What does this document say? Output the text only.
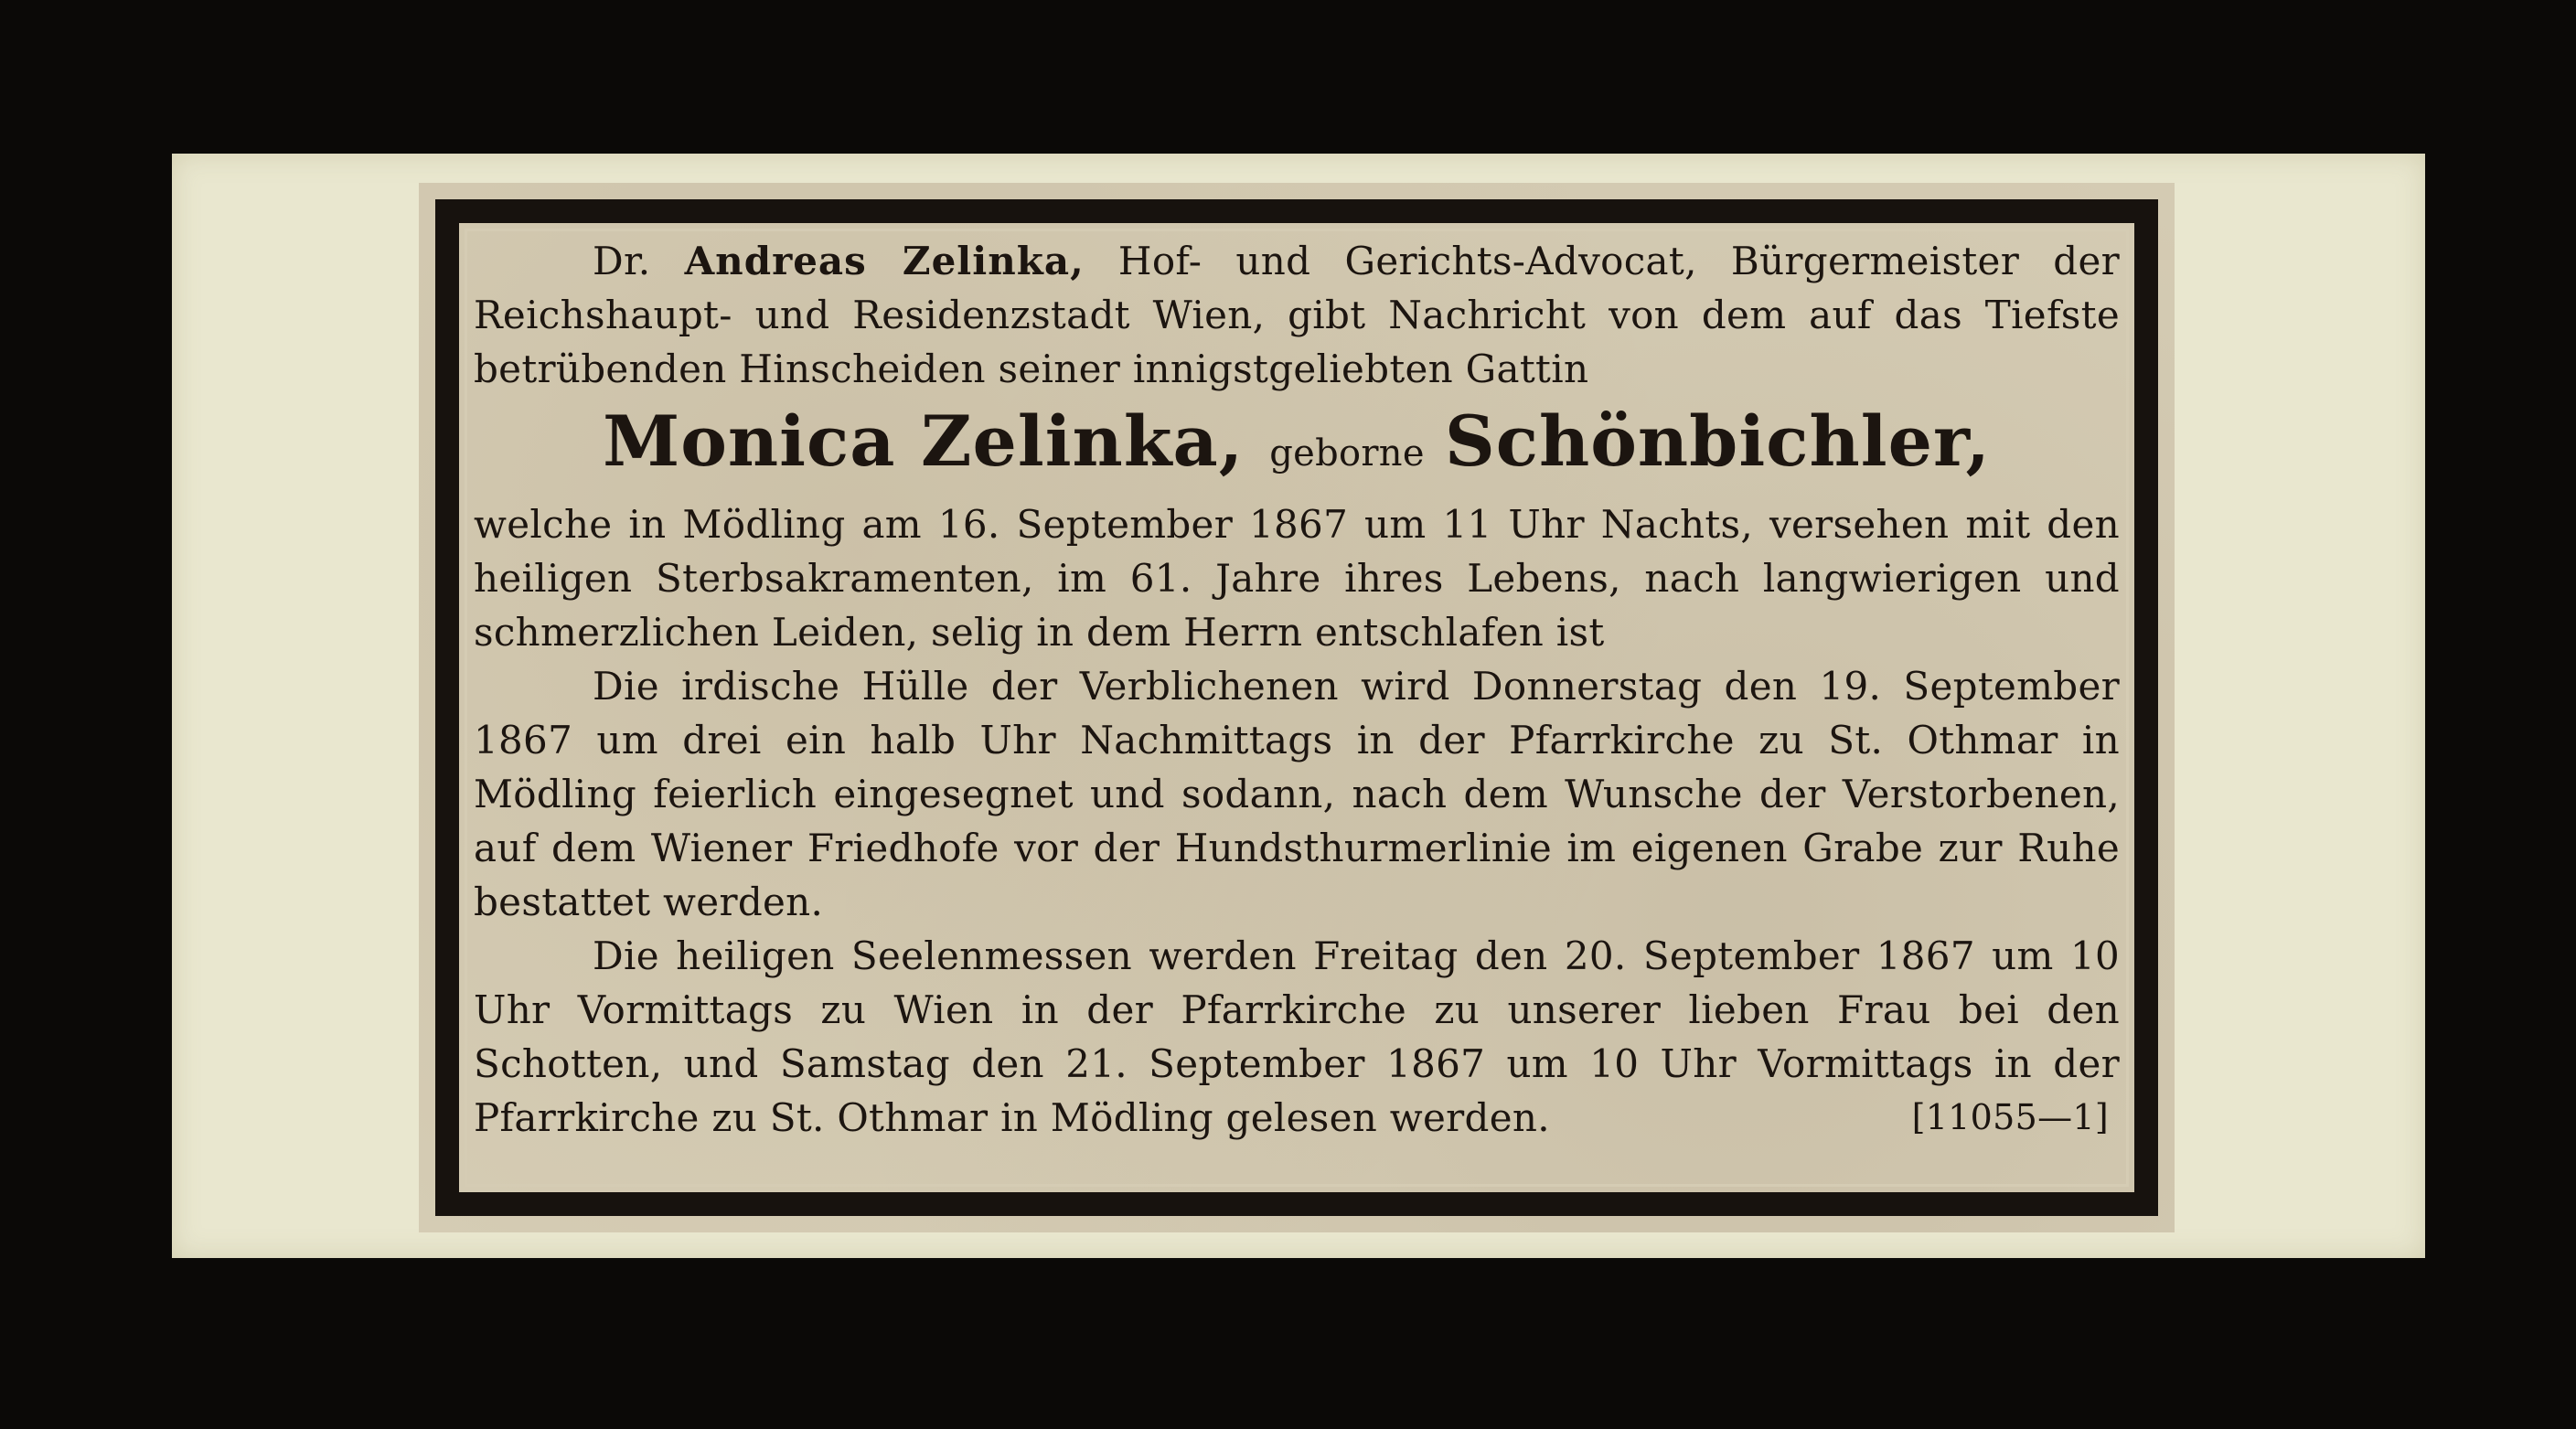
Dr. Andreas Zelinka, Hof- und Gerichts-Advocat, Bürgermeister der Reichshaupt- und Residenzstadt Wien, gibt Nachricht von dem auf das Tiefste betrübenden Hinscheiden seiner innigstgeliebten Gattin

Monica Zelinka, geborne Schönbichler,

welche in Mödling am 16. September 1867 um 11 Uhr Nachts, versehen mit den heiligen Sterbsakramenten, im 61. Jahre ihres Lebens, nach langwierigen und schmerzlichen Leiden, selig in dem Herrn entschlafen ist

Die irdische Hülle der Verblichenen wird Donnerstag den 19. September 1867 um drei ein halb Uhr Nachmittags in der Pfarrkirche zu St. Othmar in Mödling feierlich eingesegnet und sodann, nach dem Wunsche der Verstorbenen, auf dem Wiener Friedhofe vor der Hundsthurmerlinie im eigenen Grabe zur Ruhe bestattet werden.

Die heiligen Seelenmessen werden Freitag den 20. September 1867 um 10 Uhr Vormittags zu Wien in der Pfarrkirche zu unserer lieben Frau bei den Schotten, und Samstag den 21. September 1867 um 10 Uhr Vormittags in der Pfarrkirche zu St. Othmar in Mödling gelesen werden.	[11055—1]
